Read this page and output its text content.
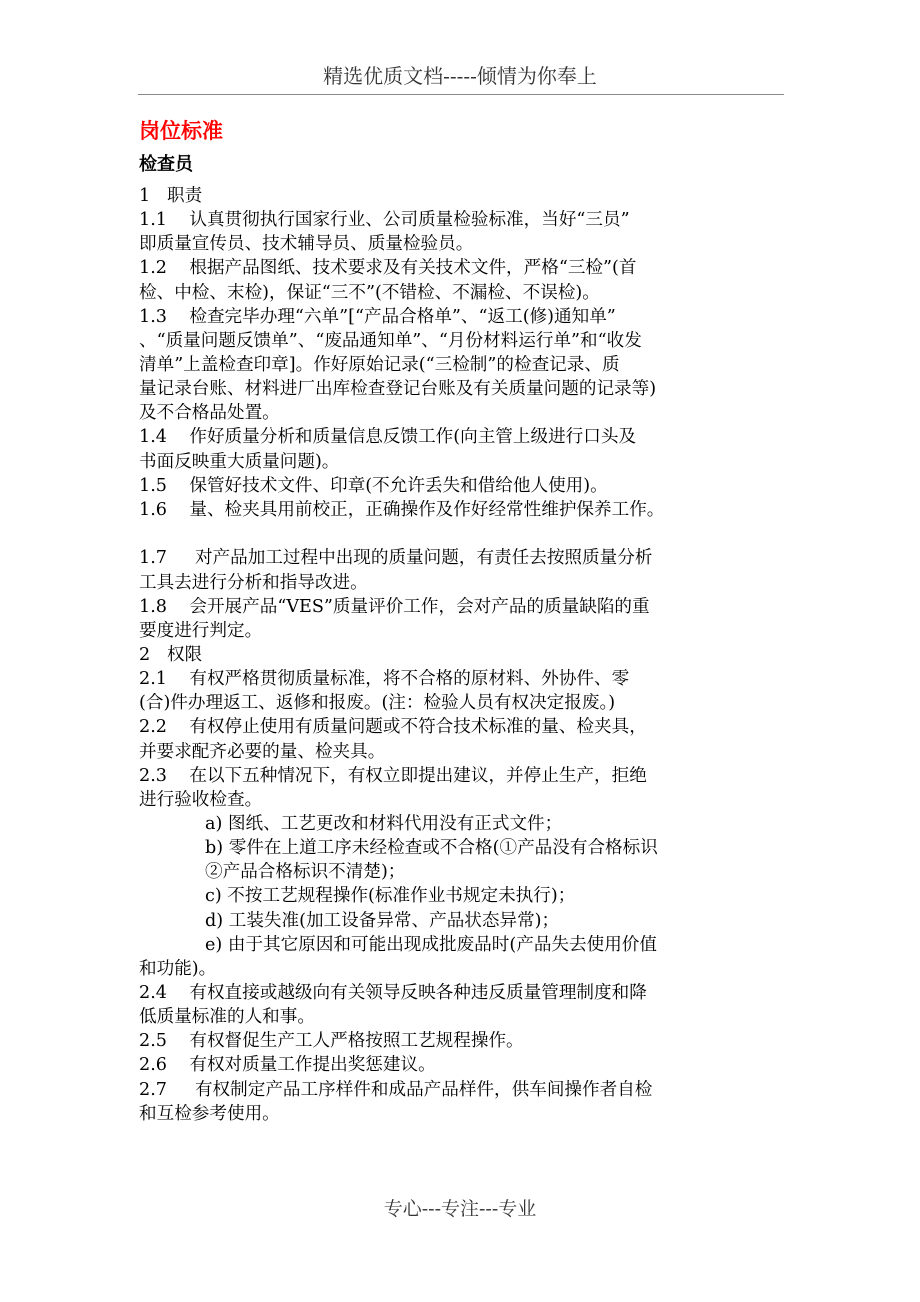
精选优质文档-----倾情为你奉上
岗位标准
检查员
1   职责
1.1    认真贯彻执行国家行业、公司质量检验标准，当好“三员”
即质量宣传员、技术辅导员、质量检验员。
1.2    根据产品图纸、技术要求及有关技术文件，严格“三检”(首
检、中检、末检)，保证“三不”(不错检、不漏检、不误检)。
1.3    检查完毕办理“六单”[“产品合格单”、“返工(修)通知单”
、“质量问题反馈单”、“废品通知单”、“月份材料运行单”和“收发
清单”上盖检查印章]。作好原始记录(“三检制”的检查记录、质
量记录台账、材料进厂出库检查登记台账及有关质量问题的记录等)
及不合格品处置。
1.4    作好质量分析和质量信息反馈工作(向主管上级进行口头及
书面反映重大质量问题)。
1.5    保管好技术文件、印章(不允许丢失和借给他人使用)。
1.6    量、检夹具用前校正，正确操作及作好经常性维护保养工作。
1.7     对产品加工过程中出现的质量问题，有责任去按照质量分析
工具去进行分析和指导改进。
1.8    会开展产品“VES”质量评价工作，会对产品的质量缺陷的重
要度进行判定。
2   权限
2.1    有权严格贯彻质量标准，将不合格的原材料、外协件、零
(合)件办理返工、返修和报废。(注：检验人员有权决定报废。)
2.2    有权停止使用有质量问题或不符合技术标准的量、检夹具，
并要求配齐必要的量、检夹具。
2.3    在以下五种情况下，有权立即提出建议，并停止生产，拒绝
进行验收检查。
a) 图纸、工艺更改和材料代用没有正式文件；
b) 零件在上道工序未经检查或不合格(①产品没有合格标识
②产品合格标识不清楚)；
c) 不按工艺规程操作(标准作业书规定未执行)；
d) 工装失准(加工设备异常、产品状态异常)；
e) 由于其它原因和可能出现成批废品时(产品失去使用价值
和功能)。
2.4    有权直接或越级向有关领导反映各种违反质量管理制度和降
低质量标准的人和事。
2.5    有权督促生产工人严格按照工艺规程操作。
2.6    有权对质量工作提出奖惩建议。
2.7     有权制定产品工序样件和成品产品样件，供车间操作者自检
和互检参考使用。
专心---专注---专业
